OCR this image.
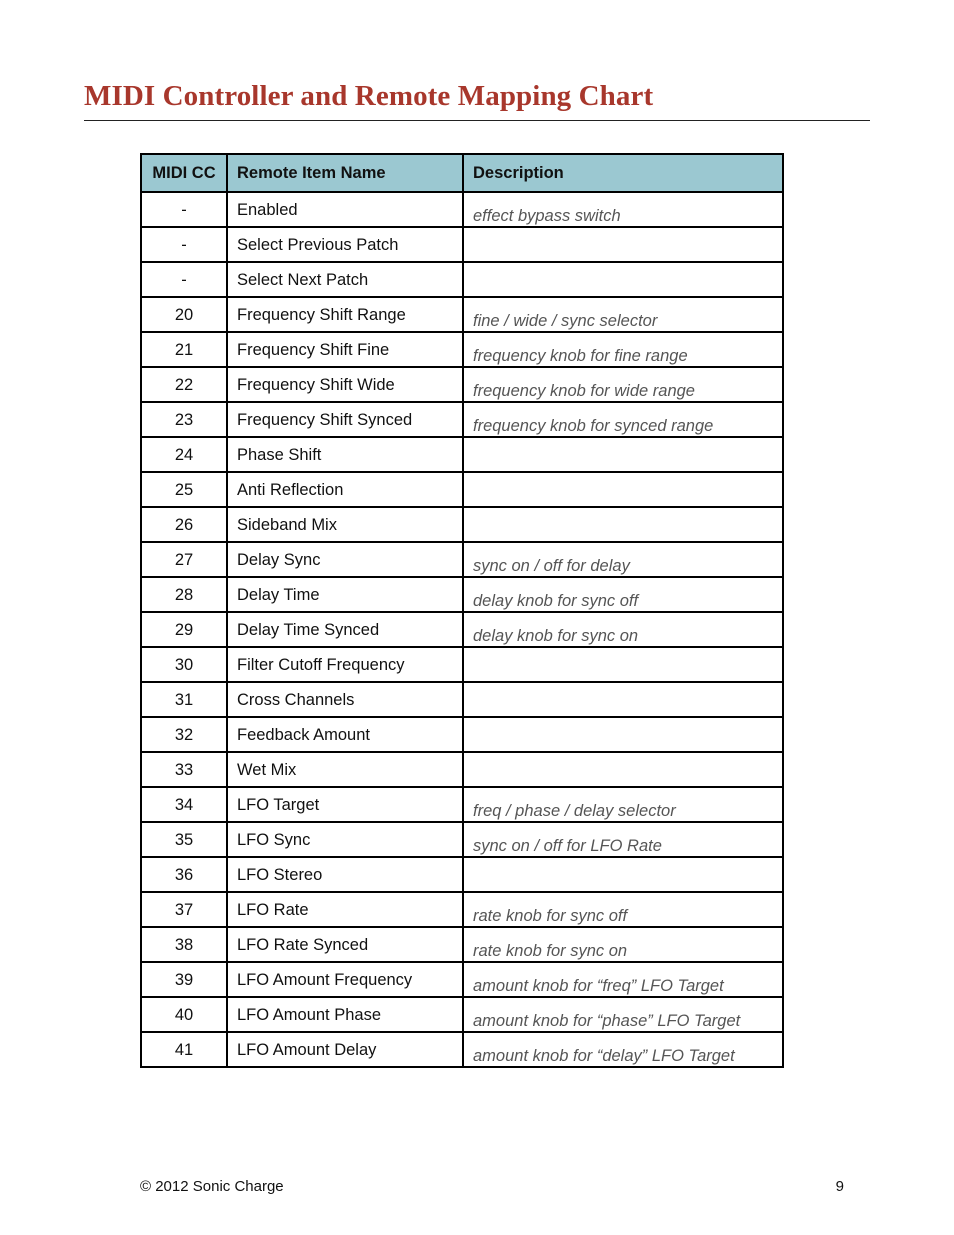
MIDI Controller and Remote Mapping Chart
MIDI CC	Remote Item Name	Description
-	Enabled	effect bypass switch
-	Select Previous Patch	
-	Select Next Patch	
20	Frequency Shift Range	fine / wide / sync selector
21	Frequency Shift Fine	frequency knob for fine range
22	Frequency Shift Wide	frequency knob for wide range
23	Frequency Shift Synced	frequency knob for synced range
24	Phase Shift	
25	Anti Reflection	
26	Sideband Mix	
27	Delay Sync	sync on / off for delay
28	Delay Time	delay knob for sync off
29	Delay Time Synced	delay knob for sync on
30	Filter Cutoff Frequency	
31	Cross Channels	
32	Feedback Amount	
33	Wet Mix	
34	LFO Target	freq / phase / delay selector
35	LFO Sync	sync on / off for LFO Rate
36	LFO Stereo	
37	LFO Rate	rate knob for sync off
38	LFO Rate Synced	rate knob for sync on
39	LFO Amount Frequency	amount knob for “freq” LFO Target
40	LFO Amount Phase	amount knob for “phase” LFO Target
41	LFO Amount Delay	amount knob for “delay” LFO Target
© 2012 Sonic Charge	9
